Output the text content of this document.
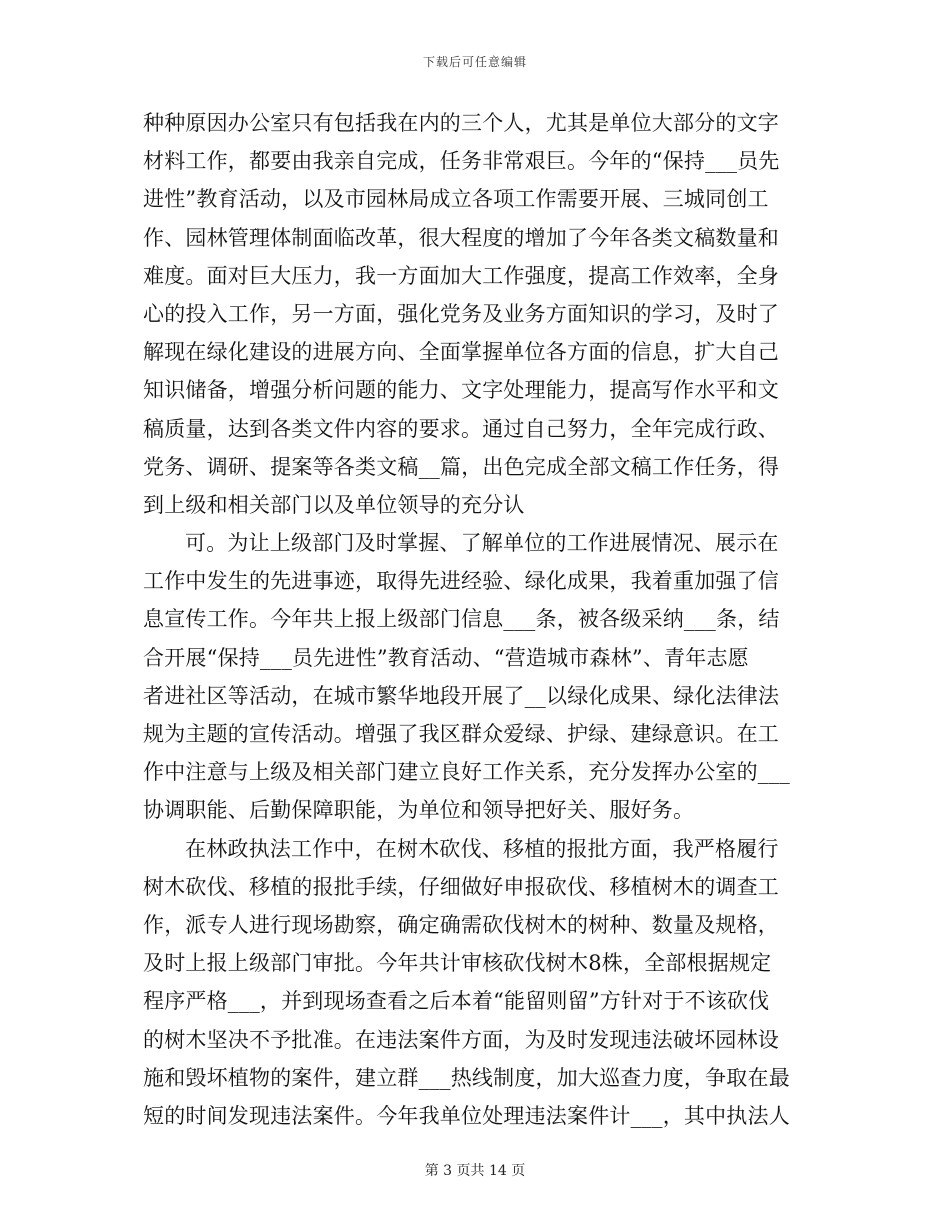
下载后可任意编辑
种种原因办公室只有包括我在内的三个人，尤其是单位大部分的文字
材料工作，都要由我亲自完成，任务非常艰巨。今年的“保持___员先
进性”教育活动，以及市园林局成立各项工作需要开展、三城同创工
作、园林管理体制面临改革，很大程度的增加了今年各类文稿数量和
难度。面对巨大压力，我一方面加大工作强度，提高工作效率，全身
心的投入工作，另一方面，强化党务及业务方面知识的学习，及时了
解现在绿化建设的进展方向、全面掌握单位各方面的信息，扩大自己
知识储备，增强分析问题的能力、文字处理能力，提高写作水平和文
稿质量，达到各类文件内容的要求。通过自己努力，全年完成行政、
党务、调研、提案等各类文稿__篇，出色完成全部文稿工作任务，得
到上级和相关部门以及单位领导的充分认
可。为让上级部门及时掌握、了解单位的工作进展情况、展示在
工作中发生的先进事迹，取得先进经验、绿化成果，我着重加强了信
息宣传工作。今年共上报上级部门信息___条，被各级采纳___条，结
合开展“保持___员先进性”教育活动、“营造城市森林”、青年志愿
者进社区等活动，在城市繁华地段开展了__以绿化成果、绿化法律法
规为主题的宣传活动。增强了我区群众爱绿、护绿、建绿意识。在工
作中注意与上级及相关部门建立良好工作关系，充分发挥办公室的___
协调职能、后勤保障职能，为单位和领导把好关、服好务。
在林政执法工作中，在树木砍伐、移植的报批方面，我严格履行
树木砍伐、移植的报批手续，仔细做好申报砍伐、移植树木的调查工
作，派专人进行现场勘察，确定确需砍伐树木的树种、数量及规格，
及时上报上级部门审批。今年共计审核砍伐树木8株，全部根据规定
程序严格___，并到现场查看之后本着“能留则留”方针对于不该砍伐
的树木坚决不予批准。在违法案件方面，为及时发现违法破坏园林设
施和毁坏植物的案件，建立群___热线制度，加大巡查力度，争取在最
短的时间发现违法案件。今年我单位处理违法案件计___，其中执法人
第 3 页共 14 页
